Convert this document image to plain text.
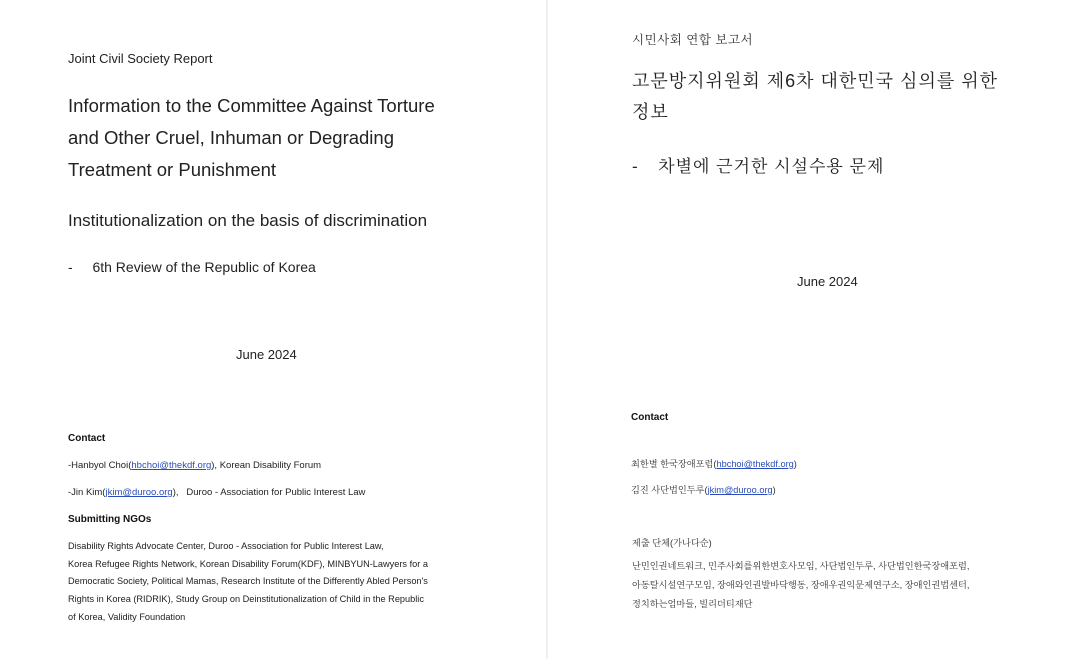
Joint Civil Society Report
Information to the Committee Against Torture
and Other Cruel, Inhuman or Degrading
Treatment or Punishment
Institutionalization on the basis of discrimination
- 6th Review of the Republic of Korea
June 2024
Contact
-Hanbyol Choi(hbchoi@thekdf.org), Korean Disability Forum
-Jin Kim(jkim@duroo.org),   Duroo - Association for Public Interest Law
Submitting NGOs
Disability Rights Advocate Center, Duroo - Association for Public Interest Law,
Korea Refugee Rights Network, Korean Disability Forum(KDF), MINBYUN-Lawyers for a
Democratic Society, Political Mamas, Research Institute of the Differently Abled Person's
Rights in Korea (RIDRIK), Study Group on Deinstitutionalization of Child in the Republic
of Korea, Validity Foundation
시민사회 연합 보고서
고문방지위원회 제6차 대한민국 심의를 위한
정보
- 차별에 근거한 시설수용 문제
June 2024
Contact
최한별 한국장애포럼(hbchoi@thekdf.org)
김진 사단법인두루(jkim@duroo.org)
제출 단체(가나다순)
난민인권네트워크, 민주사회를위한변호사모임, 사단법인두루, 사단법인한국장애포럼,
아동탈시설연구모임, 장애와인권발바닥행동, 장애우권익문제연구소, 장애인권법센터,
정치하는엄마들, 빌리더티재단
